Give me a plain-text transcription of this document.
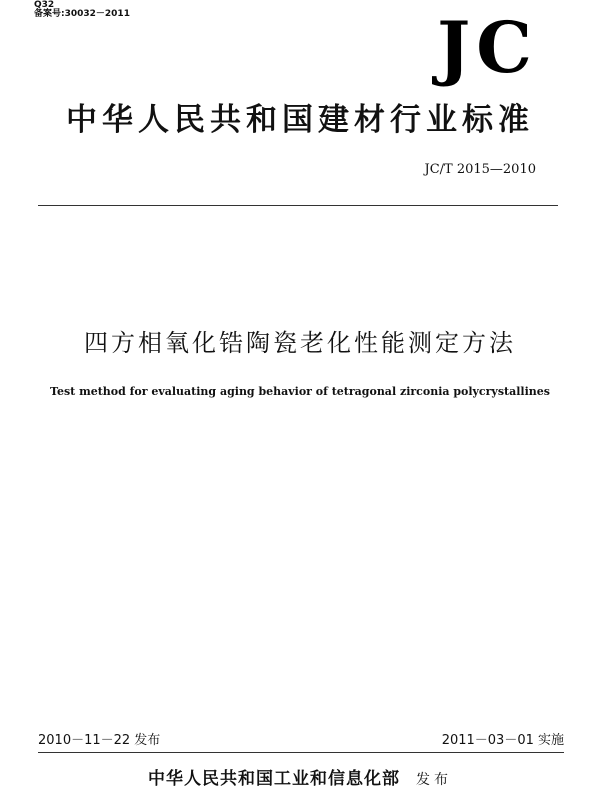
Q32
备案号:30032－2011	JC
中华人民共和国建材行业标准
JC/T 2015—2010
四方相氧化锆陶瓷老化性能测定方法
Test method for evaluating aging behavior of tetragonal zirconia polycrystallines
2010－11－22 发布	2011－03－01 实施
中华人民共和国工业和信息化部 发布
